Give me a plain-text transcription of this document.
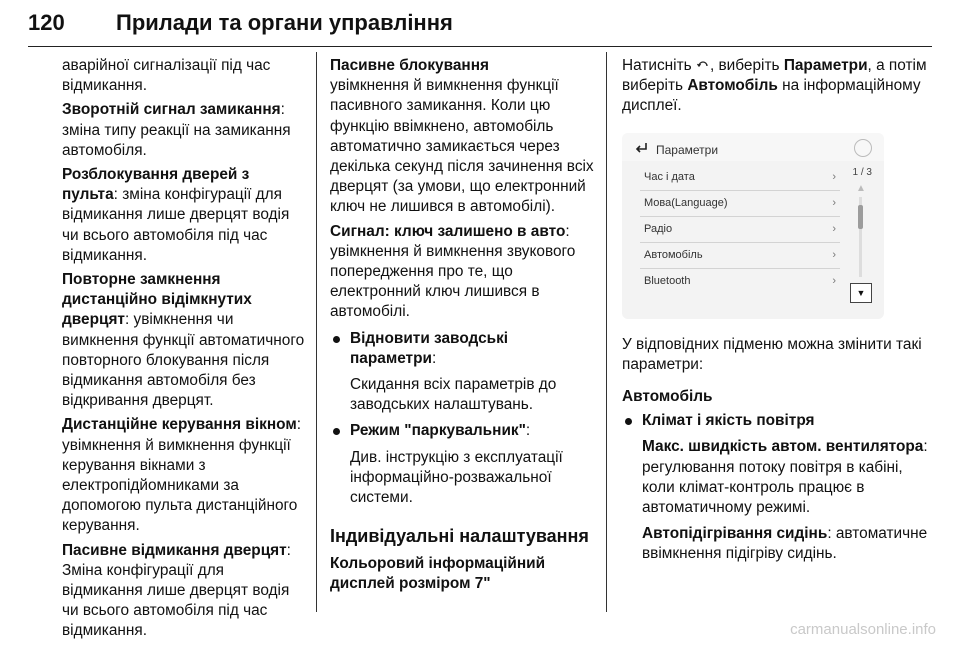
120 Прилади та органи управління

аварійної сигналізації під час відмикання.

Зворотній сигнал замикання: зміна типу реакції на замикання автомобіля.

Розблокування дверей з пульта: зміна конфігурації для відмикання лише дверцят водія чи всього автомобіля під час відмикання.

Повторне замкнення дистанційно відімкнутих дверцят: увімкнення чи вимкнення функції автоматичного повторного блокування після відмикання автомобіля без відкривання дверцят.

Дистанційне керування вікном: увімкнення й вимкнення функції керування вікнами з електропідйомниками за допомогою пульта дистанційного керування.

Пасивне відмикання дверцят: Зміна конфігурації для відмикання лише дверцят водія чи всього автомобіля під час відмикання.

Пасивне блокування
увімкнення й вимкнення функції пасивного замикання. Коли цю функцію ввімкнено, автомобіль автоматично замикається через декілька секунд після зачинення всіх дверцят (за умови, що електронний ключ не лишився в автомобілі).

Сигнал: ключ залишено в авто: увімкнення й вимкнення звукового попередження про те, що електронний ключ лишився в автомобілі.

Відновити заводські параметри:

Скидання всіх параметрів до заводських налаштувань.

Режим "паркувальник":

Див. інструкцію з експлуатації інформаційно-розважальної системи.

Індивідуальні налаштування

Кольоровий інформаційний дисплей розміром 7"

Натисніть , виберіть Параметри, а потім виберіть Автомобіль на інформаційному дисплеї.

Параметри
Час і дата	›
Мова(Language)	›
Радіо	›
Автомобіль	›
Bluetooth	›
1 / 3
▲
▼

У відповідних підменю можна змінити такі параметри:

Автомобіль

Клімат і якість повітря

Макс. швидкість автом. вентилятора: регулювання потоку повітря в кабіні, коли клімат-контроль працює в автоматичному режимі.

Автопідігрівання сидінь: автоматичне ввімкнення підігріву сидінь.

carmanualsonline.info
